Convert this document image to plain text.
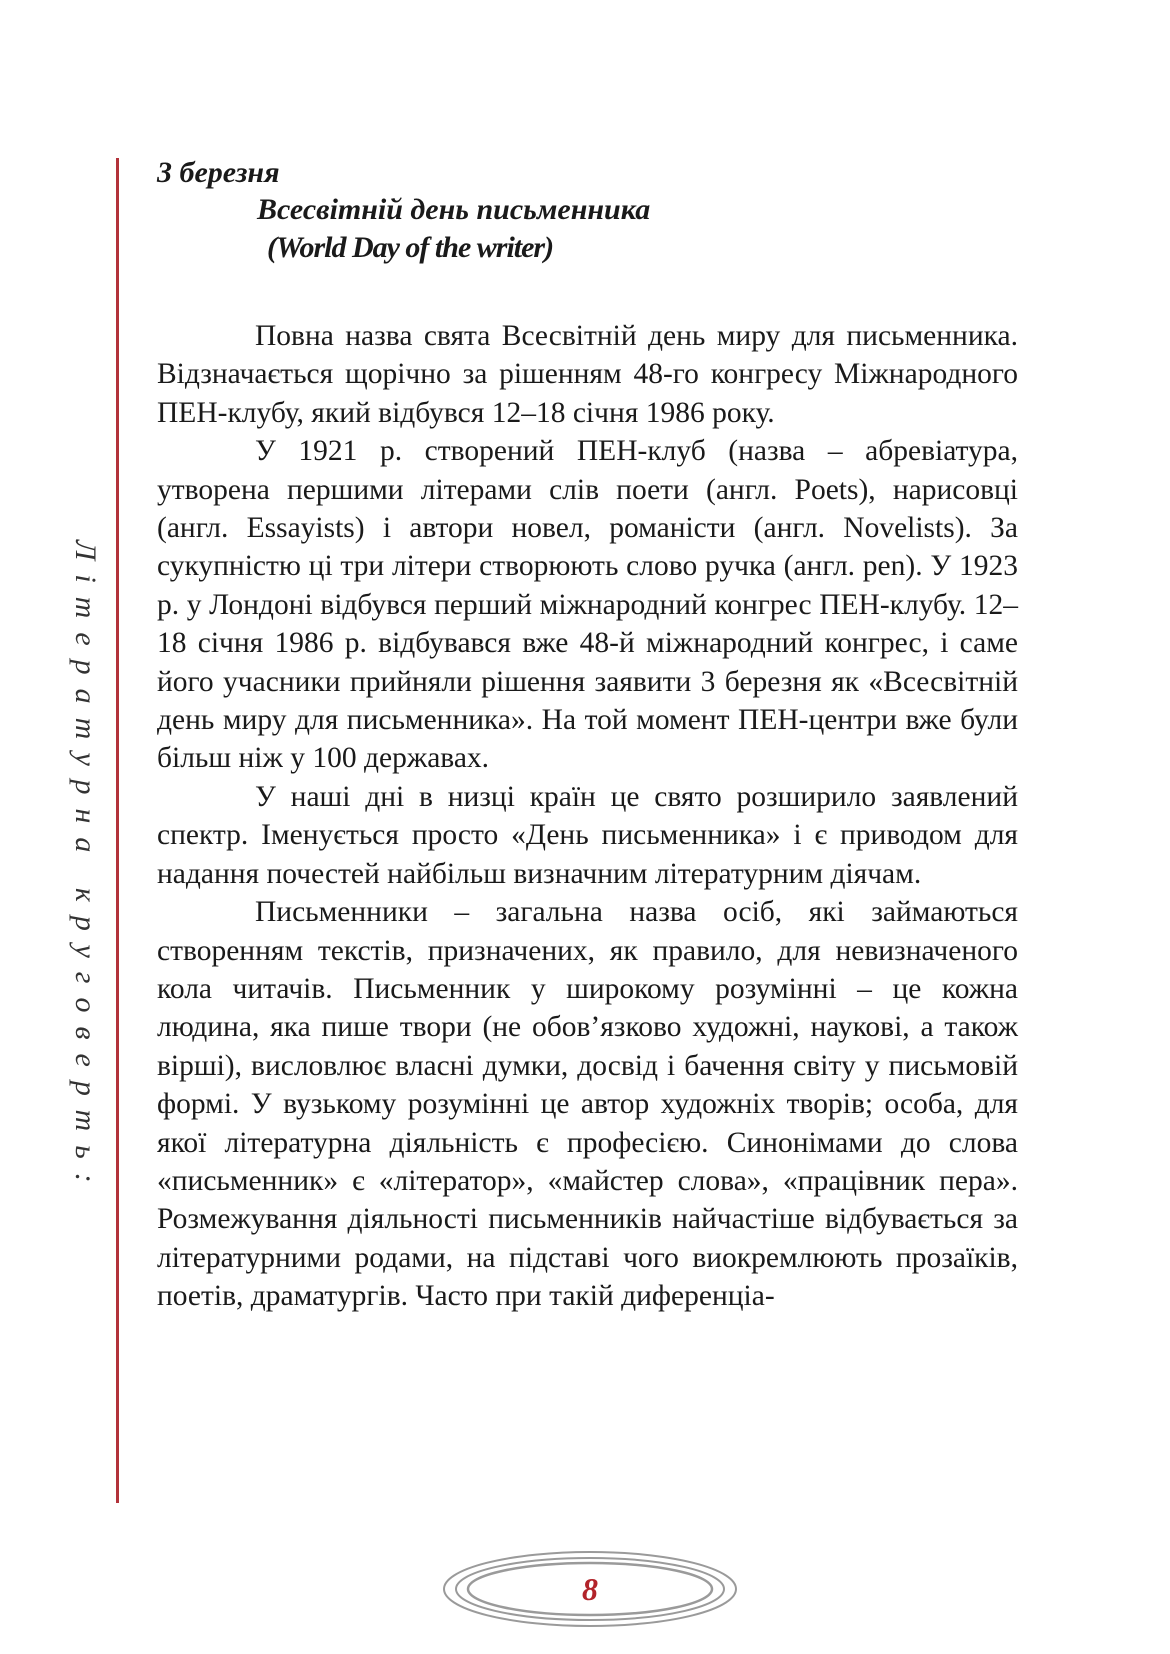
Літературна круговерть:

3 березня

Всесвітній день письменника

(World Day of the writer)

Повна назва свята Всесвітній день миру для письменника. Відзначається щорічно за рішенням 48-го конгресу Міжнародного ПЕН-клубу, який відбувся 12–18 січня 1986 року.

У 1921 р. створений ПЕН-клуб (назва – абревіатура, утворена першими літерами слів поети (англ. Poets), нарисовці (англ. Essayists) і автори новел, романісти (англ. Novelists). За сукупністю ці три літери створюють слово ручка (англ. pen). У 1923 р. у Лондоні відбувся перший міжнародний конгрес ПЕН-клубу. 12–18 січня 1986 р. відбувався вже 48-й міжнародний конгрес, і саме його учасники прийняли рішення заявити 3 березня як «Всесвітній день миру для письменника». На той момент ПЕН-центри вже були більш ніж у 100 державах.

У наші дні в низці країн це свято розширило заявлений спектр. Іменується просто «День письменника» і є приводом для надання почестей найбільш визначним літературним діячам.

Письменники – загальна назва осіб, які займаються створенням текстів, призначених, як правило, для невизначеного кола читачів. Письменник у широкому розумінні – це кожна людина, яка пише твори (не обов’язково художні, наукові, а також вірші), висловлює власні думки, досвід і бачення світу у письмовій формі. У вузькому розумінні це автор художніх творів; особа, для якої літературна діяльність є професією. Синонімами до слова «письменник» є «літератор», «майстер слова», «працівник пера». Розмежування діяльності письменників найчастіше відбувається за літературними родами, на підставі чого виокремлюють прозаїків, поетів, драматургів. Часто при такій диференціа-

8
